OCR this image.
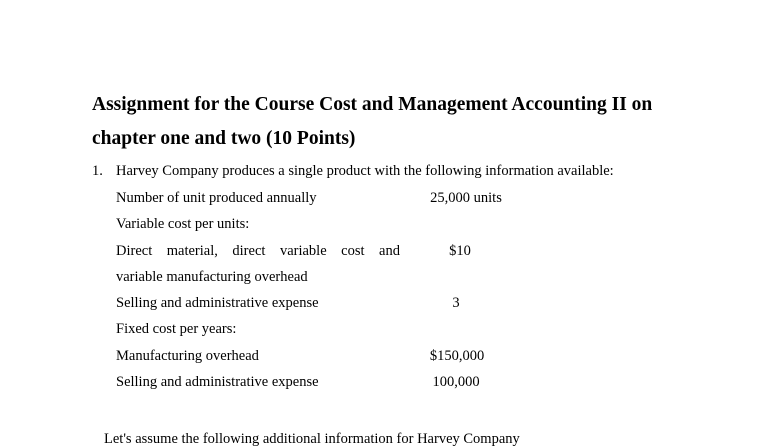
Assignment for the Course Cost and Management Accounting II on
chapter one and two (10 Points)
1. Harvey Company produces a single product with the following information available:
Number of unit produced annually	25,000 units
Variable cost per units:
Direct material, direct variable cost and	$10
variable manufacturing overhead
Selling and administrative expense	3
Fixed cost per years:
Manufacturing overhead	$150,000
Selling and administrative expense	100,000
Let's assume the following additional information for Harvey Company
